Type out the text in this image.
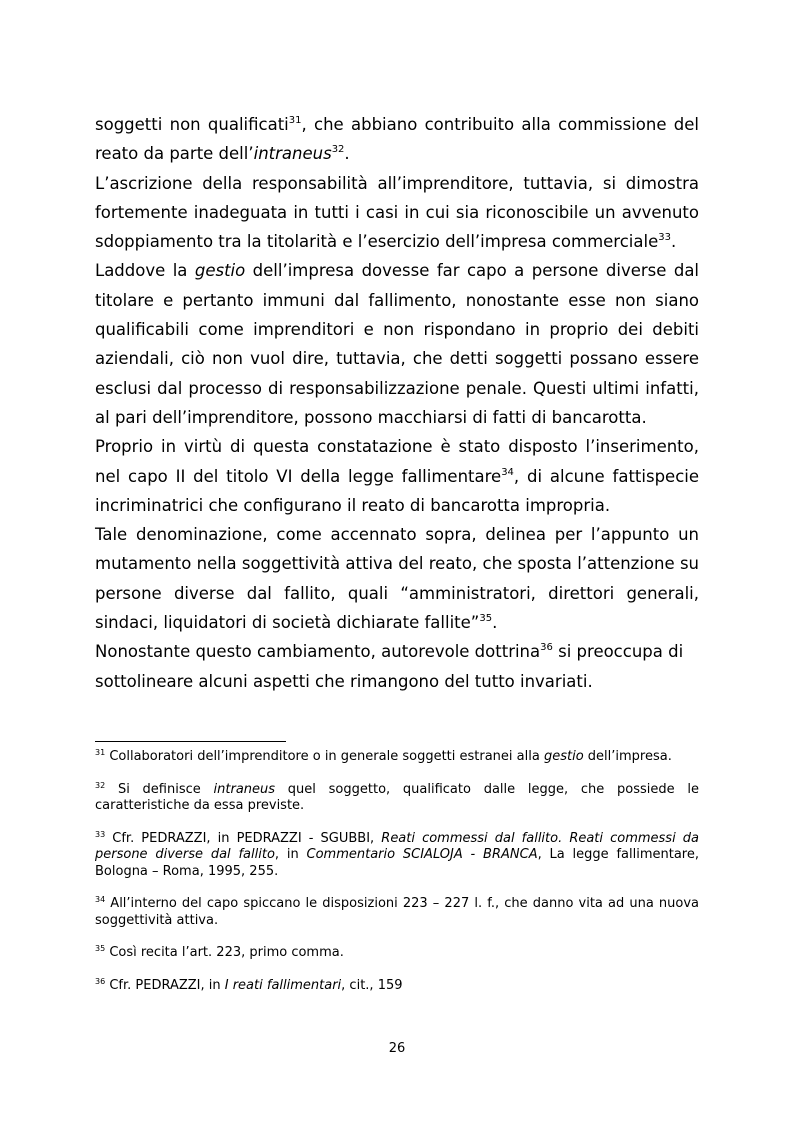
soggetti non qualificati$^{31}$, che abbiano contribuito alla commissione del reato da parte dell’intraneus$^{32}$.

L’ascrizione della responsabilità all’imprenditore, tuttavia, si dimostra fortemente inadeguata in tutti i casi in cui sia riconoscibile un avvenuto sdoppiamento tra la titolarità e l’esercizio dell’impresa commerciale$^{33}$.

Laddove la gestio dell’impresa dovesse far capo a persone diverse dal titolare e pertanto immuni dal fallimento, nonostante esse non siano qualificabili come imprenditori e non rispondano in proprio dei debiti aziendali, ciò non vuol dire, tuttavia, che detti soggetti possano essere esclusi dal processo di responsabilizzazione penale. Questi ultimi infatti, al pari dell’imprenditore, possono macchiarsi di fatti di bancarotta.

Proprio in virtù di questa constatazione è stato disposto l’inserimento, nel capo II del titolo VI della legge fallimentare$^{34}$, di alcune fattispecie incriminatrici che configurano il reato di bancarotta impropria.

Tale denominazione, come accennato sopra, delinea per l’appunto un mutamento nella soggettività attiva del reato, che sposta l’attenzione su persone diverse dal fallito, quali “amministratori, direttori generali, sindaci, liquidatori di società dichiarate fallite”$^{35}$.

Nonostante questo cambiamento, autorevole dottrina$^{36}$ si preoccupa di sottolineare alcuni aspetti che rimangono del tutto invariati.

$^{31}$ Collaboratori dell’imprenditore o in generale soggetti estranei alla gestio dell’impresa.

$^{32}$ Si definisce intraneus quel soggetto, qualificato dalle legge, che possiede le caratteristiche da essa previste.

$^{33}$ Cfr. PEDRAZZI, in PEDRAZZI - SGUBBI, Reati commessi dal fallito. Reati commessi da persone diverse dal fallito, in Commentario SCIALOJA - BRANCA, La legge fallimentare, Bologna – Roma, 1995, 255.

$^{34}$ All’interno del capo spiccano le disposizioni 223 – 227 l. f., che danno vita ad una nuova soggettività attiva.

$^{35}$ Così recita l’art. 223, primo comma.

$^{36}$ Cfr. PEDRAZZI, in I reati fallimentari, cit., 159

26
